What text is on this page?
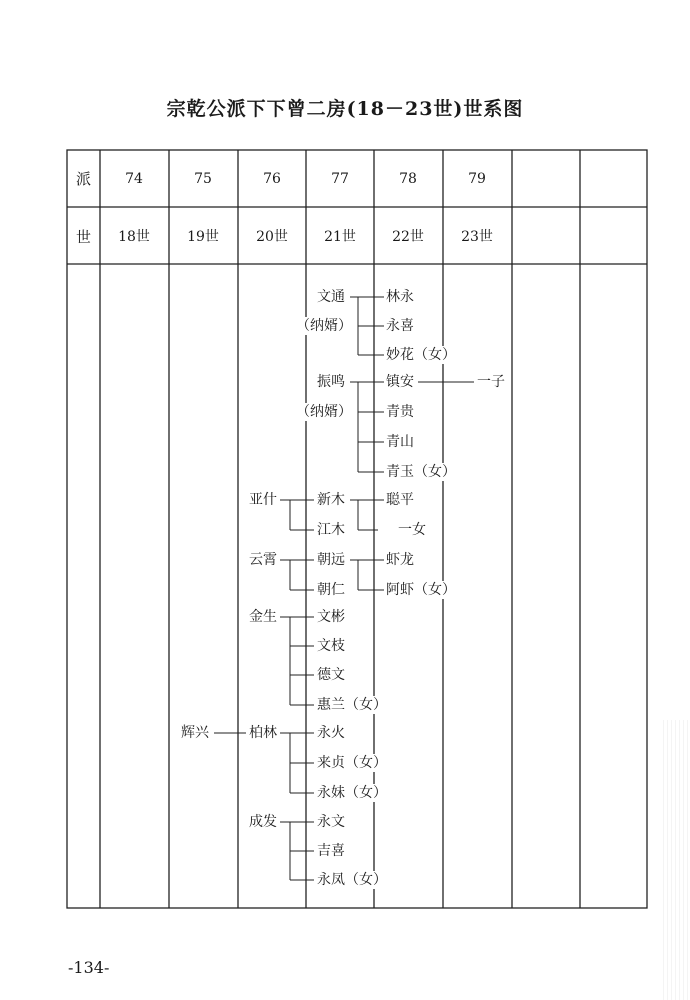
宗乾公派下下曾二房(18－23世)世系图
派	74	75	76	77	78	79
世	18世	19世	20世	21世	22世	23世
文通
（纳婿）
林永
永喜
妙花（女）
振鸣
（纳婿）
镇安	一子
青贵
青山
青玉（女）
亚什	新木	聪平
一女
江木
云霄	朝远	虾龙
阿虾（女）
朝仁
金生	文彬
文枝
德文
惠兰（女）
辉兴	柏林	永火
来贞（女）
永妹（女）
成发	永文
吉喜
永凤（女）
-134-
